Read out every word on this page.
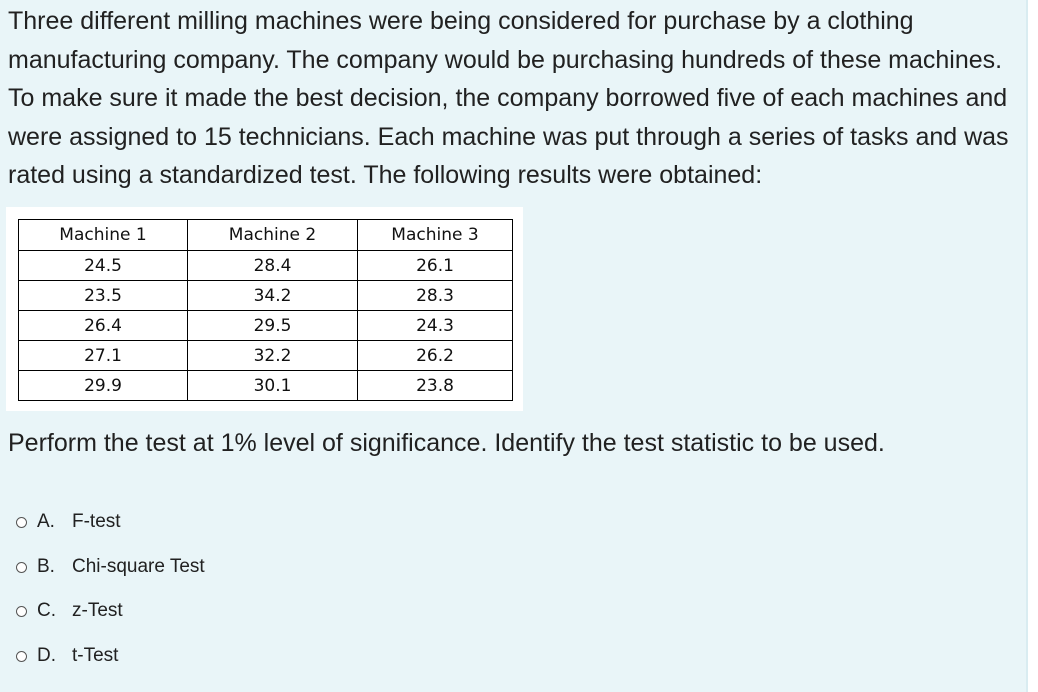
Three different milling machines were being considered for purchase by a clothing manufacturing company. The company would be purchasing hundreds of these machines. To make sure it made the best decision, the company borrowed five of each machines and were assigned to 15 technicians. Each machine was put through a series of tasks and was rated using a standardized test. The following results were obtained:

Machine 1	Machine 2	Machine 3
24.5	28.4	26.1
23.5	34.2	28.3
26.4	29.5	24.3
27.1	32.2	26.2
29.9	30.1	23.8

Perform the test at 1% level of significance. Identify the test statistic to be used.

A. F-test
B. Chi-square Test
C. z-Test
D. t-Test
